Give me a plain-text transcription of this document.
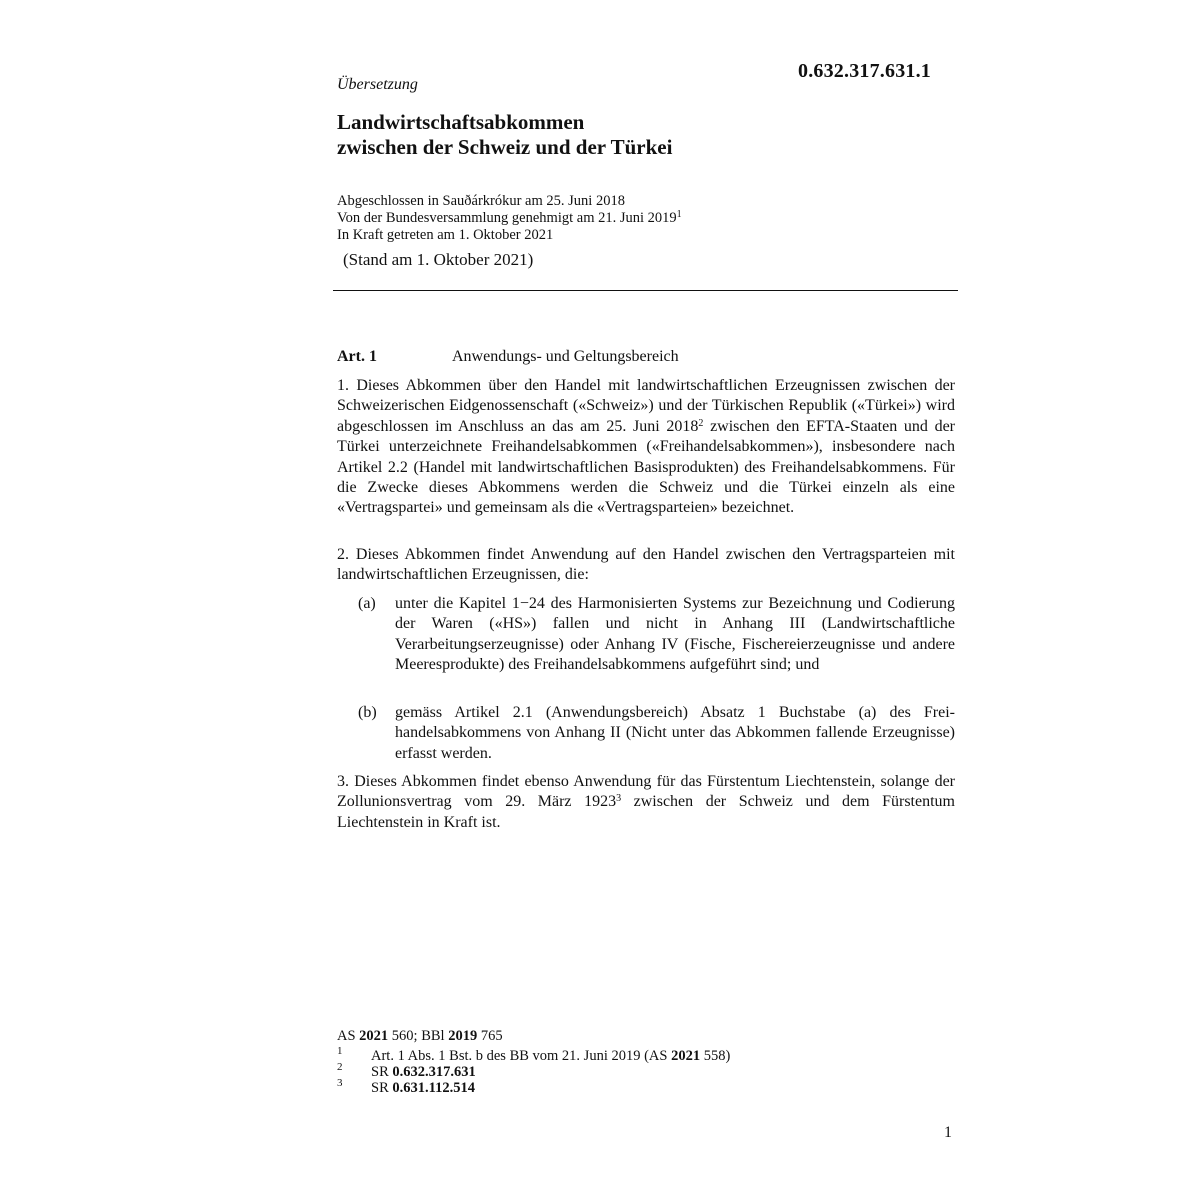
0.632.317.631.1
Übersetzung
Landwirtschaftsabkommen
zwischen der Schweiz und der Türkei
Abgeschlossen in Sauðárkrókur am 25. Juni 2018
Von der Bundesversammlung genehmigt am 21. Juni 2019$^1$
In Kraft getreten am 1. Oktober 2021
(Stand am 1. Oktober 2021)
Art. 1	Anwendungs- und Geltungsbereich
1. Dieses Abkommen über den Handel mit landwirtschaftlichen Erzeugnissen zwischen der Schweizerischen Eidgenossenschaft («Schweiz») und der Türkischen Republik («Türkei») wird abgeschlossen im Anschluss an das am 25. Juni 2018$^2$ zwischen den EFTA-Staaten und der Türkei unterzeichnete Freihandelsabkommen («Freihandelsabkommen»), insbesondere nach Artikel 2.2 (Handel mit landwirtschaftlichen Basisprodukten) des Freihandelsabkommens. Für die Zwecke dieses Abkommens werden die Schweiz und die Türkei einzeln als eine «Vertragspartei» und gemeinsam als die «Vertragsparteien» bezeichnet.
2. Dieses Abkommen findet Anwendung auf den Handel zwischen den Vertragsparteien mit landwirtschaftlichen Erzeugnissen, die:
(a) unter die Kapitel 1−24 des Harmonisierten Systems zur Bezeichnung und Codierung der Waren («HS») fallen und nicht in Anhang III (Landwirtschaftliche Verarbeitungserzeugnisse) oder Anhang IV (Fische, Fischereierzeugnisse und andere Meeresprodukte) des Freihandelsabkommens aufgeführt sind; und
(b) gemäss Artikel 2.1 (Anwendungsbereich) Absatz 1 Buchstabe (a) des Freihandelsabkommens von Anhang II (Nicht unter das Abkommen fallende Erzeugnisse) erfasst werden.
3. Dieses Abkommen findet ebenso Anwendung für das Fürstentum Liechtenstein, solange der Zollunionsvertrag vom 29. März 1923$^3$ zwischen der Schweiz und dem Fürstentum Liechtenstein in Kraft ist.
AS 2021 560; BBl 2019 765
1 Art. 1 Abs. 1 Bst. b des BB vom 21. Juni 2019 (AS 2021 558)
2 SR 0.632.317.631
3 SR 0.631.112.514
1
